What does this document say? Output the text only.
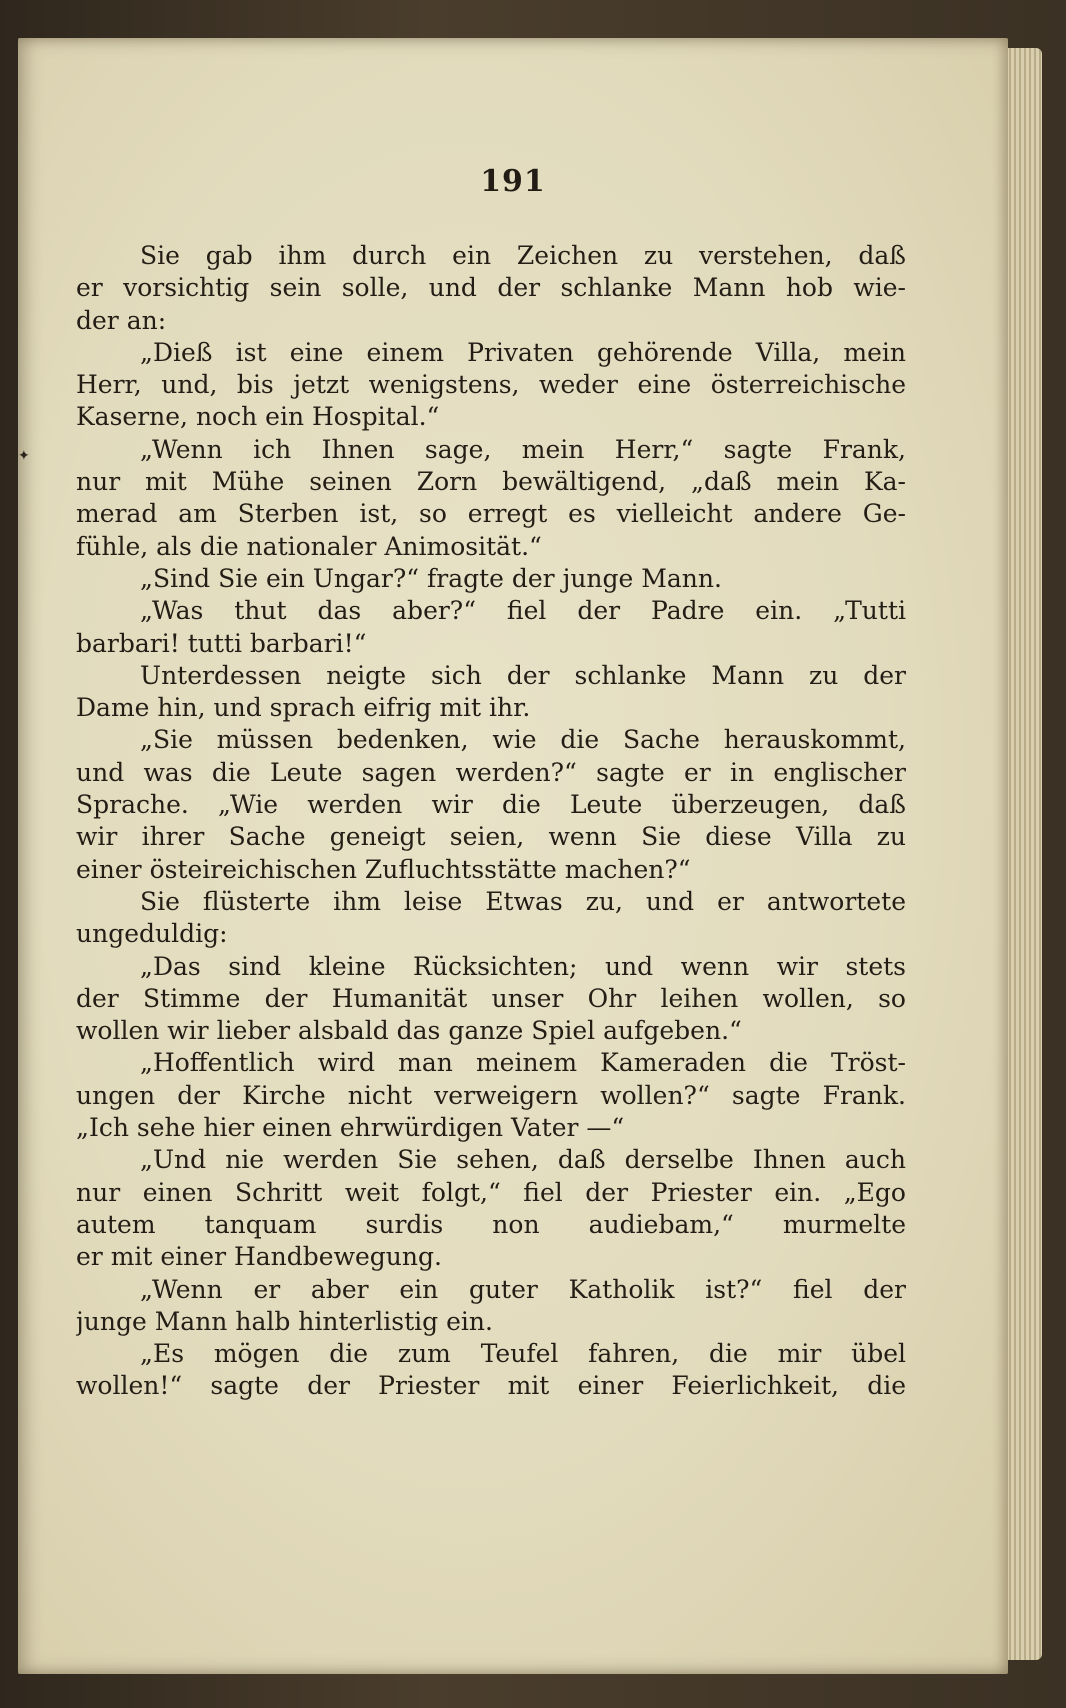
✦
191
Sie gab ihm durch ein Zeichen zu verstehen, daß
er vorsichtig sein solle, und der schlanke Mann hob wie-
der an:
„Dieß ist eine einem Privaten gehörende Villa, mein
Herr, und, bis jetzt wenigstens, weder eine österreichische
Kaserne, noch ein Hospital.“
„Wenn ich Ihnen sage, mein Herr,“ sagte Frank,
nur mit Mühe seinen Zorn bewältigend, „daß mein Ka-
merad am Sterben ist, so erregt es vielleicht andere Ge-
fühle, als die nationaler Animosität.“
„Sind Sie ein Ungar?“ fragte der junge Mann.
„Was thut das aber?“ fiel der Padre ein. „Tutti
barbari! tutti barbari!“
Unterdessen neigte sich der schlanke Mann zu der
Dame hin, und sprach eifrig mit ihr.
„Sie müssen bedenken, wie die Sache herauskommt,
und was die Leute sagen werden?“ sagte er in englischer
Sprache. „Wie werden wir die Leute überzeugen, daß
wir ihrer Sache geneigt seien, wenn Sie diese Villa zu
einer östeireichischen Zufluchtsstätte machen?“
Sie flüsterte ihm leise Etwas zu, und er antwortete
ungeduldig:
„Das sind kleine Rücksichten; und wenn wir stets
der Stimme der Humanität unser Ohr leihen wollen, so
wollen wir lieber alsbald das ganze Spiel aufgeben.“
„Hoffentlich wird man meinem Kameraden die Tröst-
ungen der Kirche nicht verweigern wollen?“ sagte Frank.
„Ich sehe hier einen ehrwürdigen Vater —“
„Und nie werden Sie sehen, daß derselbe Ihnen auch
nur einen Schritt weit folgt,“ fiel der Priester ein. „Ego
autem tanquam surdis non audiebam,“ murmelte
er mit einer Handbewegung.
„Wenn er aber ein guter Katholik ist?“ fiel der
junge Mann halb hinterlistig ein.
„Es mögen die zum Teufel fahren, die mir übel
wollen!“ sagte der Priester mit einer Feierlichkeit, die
